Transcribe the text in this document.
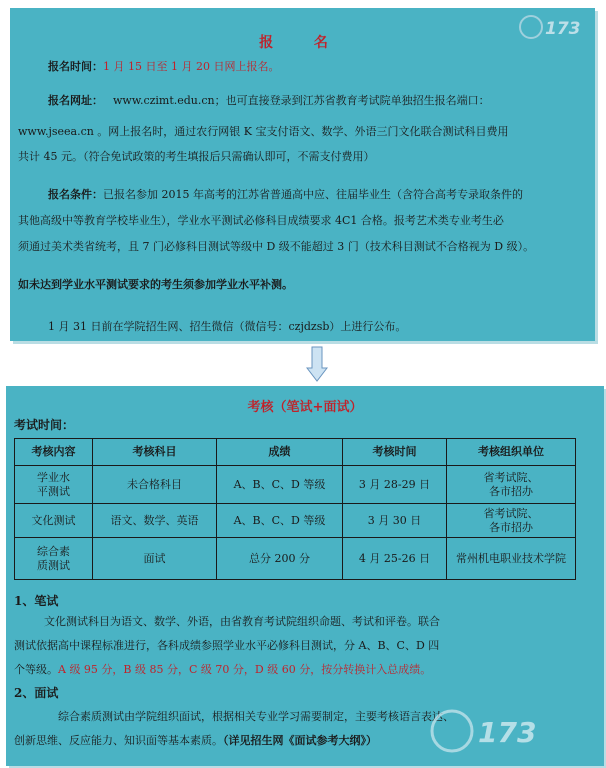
报 名
报名时间：1 月 15 日至 1 月 20 日网上报名。
报名网址： www.czimt.edu.cn；也可直接登录到江苏省教育考试院单独招生报名端口：
www.jseea.cn 。网上报名时，通过农行网银 K 宝支付语文、数学、外语三门文化联合测试科目费用
共计 45 元。（符合免试政策的考生填报后只需确认即可，不需支付费用）
报名条件：已报名参加 2015 年高考的江苏省普通高中应、往届毕业生（含符合高考专录取条件的
其他高级中等教育学校毕业生），学业水平测试必修科目成绩要求 4C1 合格。报考艺术类专业考生必
须通过美术类省统考，且 7 门必修科目测试等级中 D 级不能超过 3 门（技术科目测试不合格视为 D 级）。
如未达到学业水平测试要求的考生须参加学业水平补测。
1 月 31 日前在学院招生网、招生微信（微信号：czjdzsb）上进行公布。
173
考核（笔试+面试）
考试时间：
考核内容	考核科目	成绩	考核时间	考核组织单位

学业水平测试	未合格科目	A、B、C、D 等级	3 月 28-29 日	省考试院、各市招办

文化测试	语文、数学、英语	A、B、C、D 等级	3 月 30 日	省考试院、各市招办

综合素质测试	面试	总分 200 分	4 月 25-26 日	常州机电职业技术学院
1、笔试
文化测试科目为语文、数学、外语，由省教育考试院组织命题、考试和评卷。联合
测试依据高中课程标准进行，各科成绩参照学业水平必修科目测试，分 A、B、C、D 四
个等级。A 级 95 分，B 级 85 分，C 级 70 分，D 级 60 分，按分转换计入总成绩。
2、面试
综合素质测试由学院组织面试，根据相关专业学习需要制定，主要考核语言表达、
创新思维、反应能力、知识面等基本素质。（详见招生网《面试参考大纲》）	173
